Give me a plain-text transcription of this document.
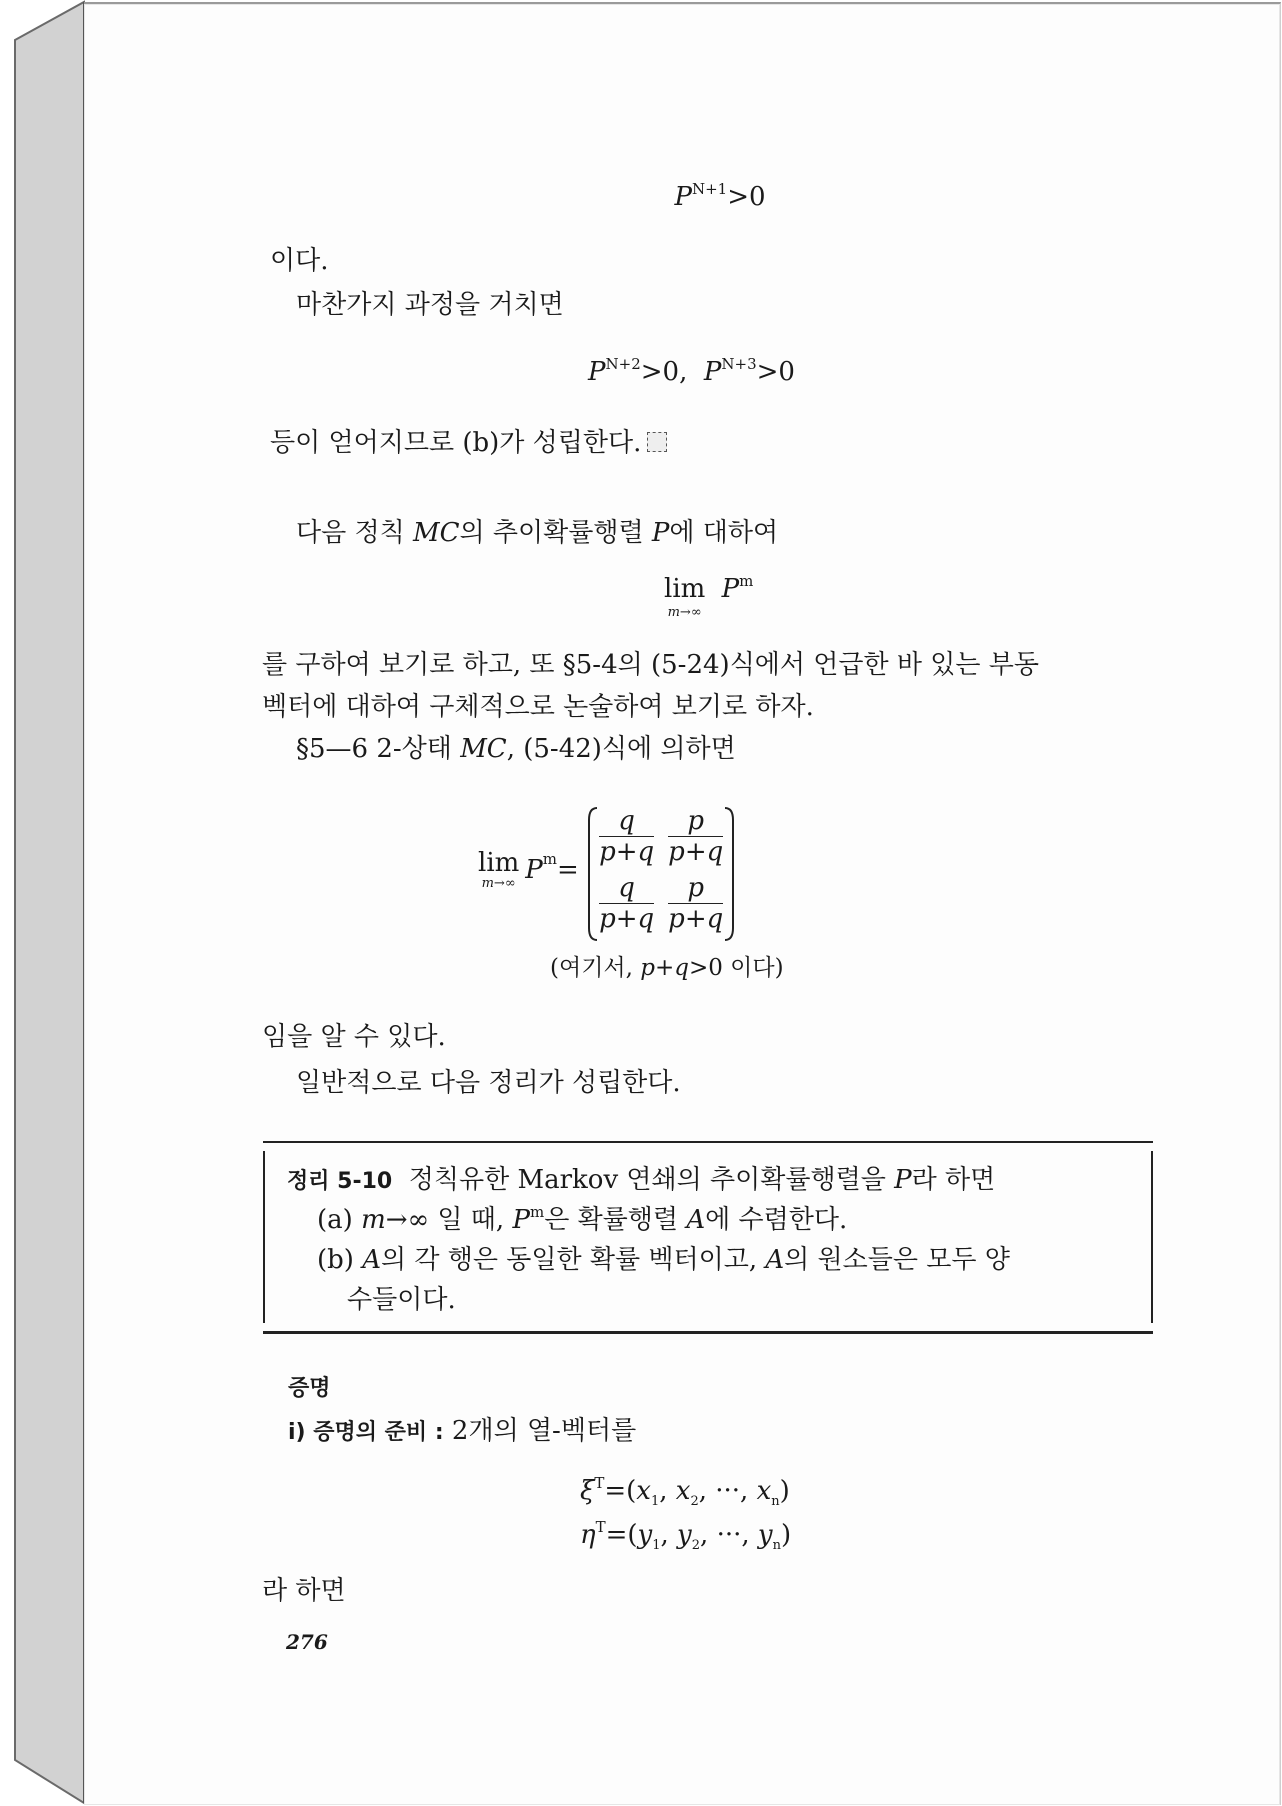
$P^{N+1}>0$
이다.
마찬가지 과정을 거치면
$P^{N+2}>0$, $P^{N+3}>0$
등이 얻어지므로 (b)가 성립한다.
다음 정칙 MC의 추이확률행렬 P에 대하여
lim
m→∞
$P^m$
를 구하여 보기로 하고, 또 §5-4의 (5-24)식에서 언급한 바 있는 부동
벡터에 대하여 구체적으로 논술하여 보기로 하자.
§5—6 2-상태 MC, (5-42)식에 의하면
lim
m→∞ $P^m=$
$\frac{q}{p+q} \frac{p}{p+q}$
$\frac{q}{p+q} \frac{p}{p+q}$
(여기서, p+q>0 이다)
임을 알 수 있다.
일반적으로 다음 정리가 성립한다.
정리 5-10 정칙유한 Markov 연쇄의 추이확률행렬을 P라 하면
(a) m→∞ 일 때, $P^m$은 확률행렬 A에 수렴한다.
(b) A의 각 행은 동일한 확률 벡터이고, A의 원소들은 모두 양
수들이다.
증명
i) 증명의 준비 : 2개의 열-벡터를
$\xi^T=(x_1$, $x_2$, ···, $x_n$)
$\eta^T=(y_1$, $y_2$, ···, $y_n$)
라 하면
276
